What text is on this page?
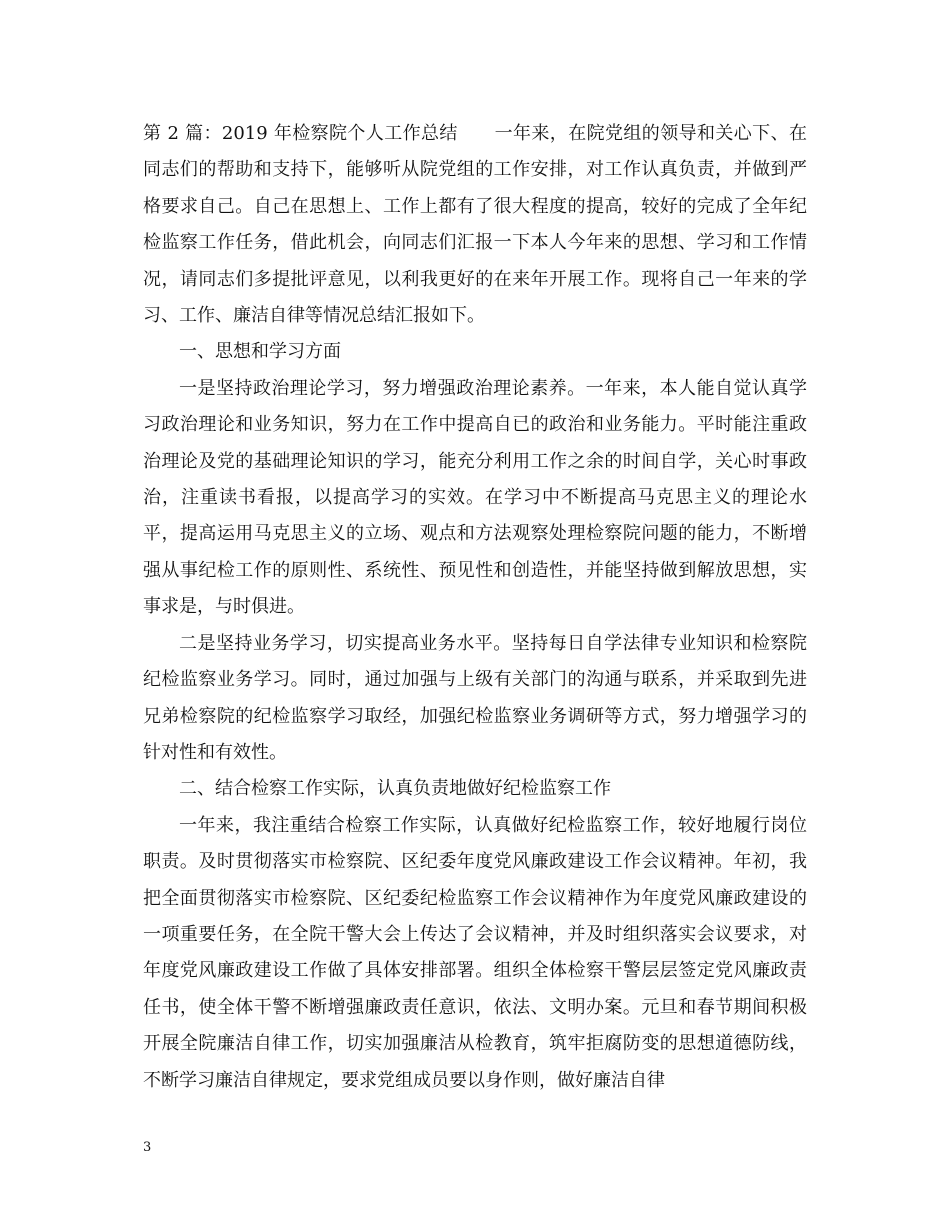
第 2 篇：2019 年检察院个人工作总结　　一年来，在院党组的领导和关心下、在同志们的帮助和支持下，能够听从院党组的工作安排，对工作认真负责，并做到严格要求自己。自己在思想上、工作上都有了很大程度的提高，较好的完成了全年纪检监察工作任务，借此机会，向同志们汇报一下本人今年来的思想、学习和工作情况，请同志们多提批评意见，以利我更好的在来年开展工作。现将自己一年来的学习、工作、廉洁自律等情况总结汇报如下。

一、思想和学习方面

一是坚持政治理论学习，努力增强政治理论素养。一年来，本人能自觉认真学习政治理论和业务知识，努力在工作中提高自已的政治和业务能力。平时能注重政治理论及党的基础理论知识的学习，能充分利用工作之余的时间自学，关心时事政治，注重读书看报，以提高学习的实效。在学习中不断提高马克思主义的理论水平，提高运用马克思主义的立场、观点和方法观察处理检察院问题的能力，不断增强从事纪检工作的原则性、系统性、预见性和创造性，并能坚持做到解放思想，实事求是，与时俱进。

二是坚持业务学习，切实提高业务水平。坚持每日自学法律专业知识和检察院纪检监察业务学习。同时，通过加强与上级有关部门的沟通与联系，并采取到先进兄弟检察院的纪检监察学习取经，加强纪检监察业务调研等方式，努力增强学习的针对性和有效性。

二、结合检察工作实际，认真负责地做好纪检监察工作

一年来，我注重结合检察工作实际，认真做好纪检监察工作，较好地履行岗位职责。及时贯彻落实市检察院、区纪委年度党风廉政建设工作会议精神。年初，我把全面贯彻落实市检察院、区纪委纪检监察工作会议精神作为年度党风廉政建设的一项重要任务，在全院干警大会上传达了会议精神，并及时组织落实会议要求，对年度党风廉政建设工作做了具体安排部署。组织全体检察干警层层签定党风廉政责任书，使全体干警不断增强廉政责任意识，依法、文明办案。元旦和春节期间积极开展全院廉洁自律工作，切实加强廉洁从检教育，筑牢拒腐防变的思想道德防线，不断学习廉洁自律规定，要求党组成员要以身作则，做好廉洁自律

3
